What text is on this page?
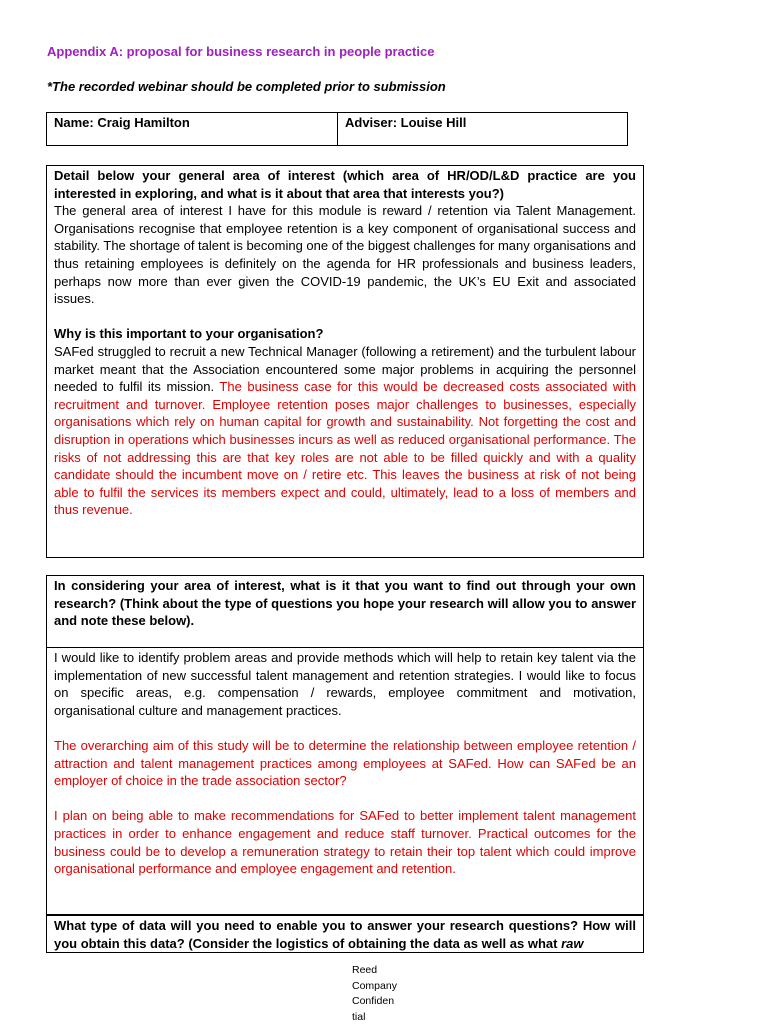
Appendix A: proposal for business research in people practice
*The recorded webinar should be completed prior to submission
Name: Craig Hamilton	Adviser: Louise Hill

Detail below your general area of interest (which area of HR/OD/L&D practice are you interested in exploring, and what is it about that area that interests you?)

The general area of interest I have for this module is reward / retention via Talent Management. Organisations recognise that employee retention is a key component of organisational success and stability. The shortage of talent is becoming one of the biggest challenges for many organisations and thus retaining employees is definitely on the agenda for HR professionals and business leaders, perhaps now more than ever given the COVID-19 pandemic, the UK’s EU Exit and associated issues.

Why is this important to your organisation?

SAFed struggled to recruit a new Technical Manager (following a retirement) and the turbulent labour market meant that the Association encountered some major problems in acquiring the personnel needed to fulfil its mission. The business case for this would be decreased costs associated with recruitment and turnover. Employee retention poses major challenges to businesses, especially organisations which rely on human capital for growth and sustainability. Not forgetting the cost and disruption in operations which businesses incurs as well as reduced organisational performance. The risks of not addressing this are that key roles are not able to be filled quickly and with a quality candidate should the incumbent move on / retire etc. This leaves the business at risk of not being able to fulfil the services its members expect and could, ultimately, lead to a loss of members and thus revenue.

In considering your area of interest, what is it that you want to find out through your own research? (Think about the type of questions you hope your research will allow you to answer and note these below).

I would like to identify problem areas and provide methods which will help to retain key talent via the implementation of new successful talent management and retention strategies. I would like to focus on specific areas, e.g. compensation / rewards, employee commitment and motivation, organisational culture and management practices.

The overarching aim of this study will be to determine the relationship between employee retention / attraction and talent management practices among employees at SAFed. How can SAFed be an employer of choice in the trade association sector?

I plan on being able to make recommendations for SAFed to better implement talent management practices in order to enhance engagement and reduce staff turnover. Practical outcomes for the business could be to develop a remuneration strategy to retain their top talent which could improve organisational performance and employee engagement and retention.

What type of data will you need to enable you to answer your research questions? How will you obtain this data? (Consider the logistics of obtaining the data as well as what raw

Reed
Company
Confiden
tial
